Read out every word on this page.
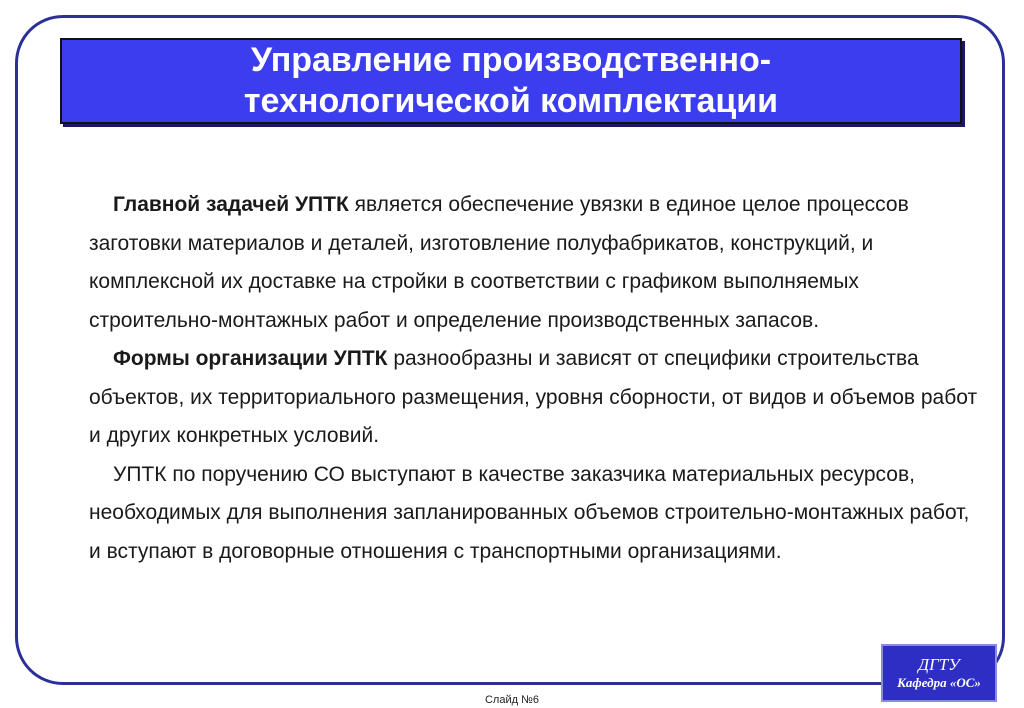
Управление производственно-
технологической комплектации

Главной задачей УПТК является обеспечение увязки в единое целое процессов заготовки материалов и деталей, изготовление полуфабрикатов, конструкций, и комплексной их доставке на стройки в соответствии с графиком выполняемых строительно-монтажных работ и определение производственных запасов.

Формы организации УПТК разнообразны и зависят от специфики строительства объектов, их территориального размещения, уровня сборности, от видов и объемов работ и других конкретных условий.

УПТК по поручению СО выступают в качестве заказчика материальных ресурсов, необходимых для выполнения запланированных объемов строительно-монтажных работ, и вступают в договорные отношения с транспортными организациями.

ДГТУ
Кафедра «ОС»
Слайд №6
